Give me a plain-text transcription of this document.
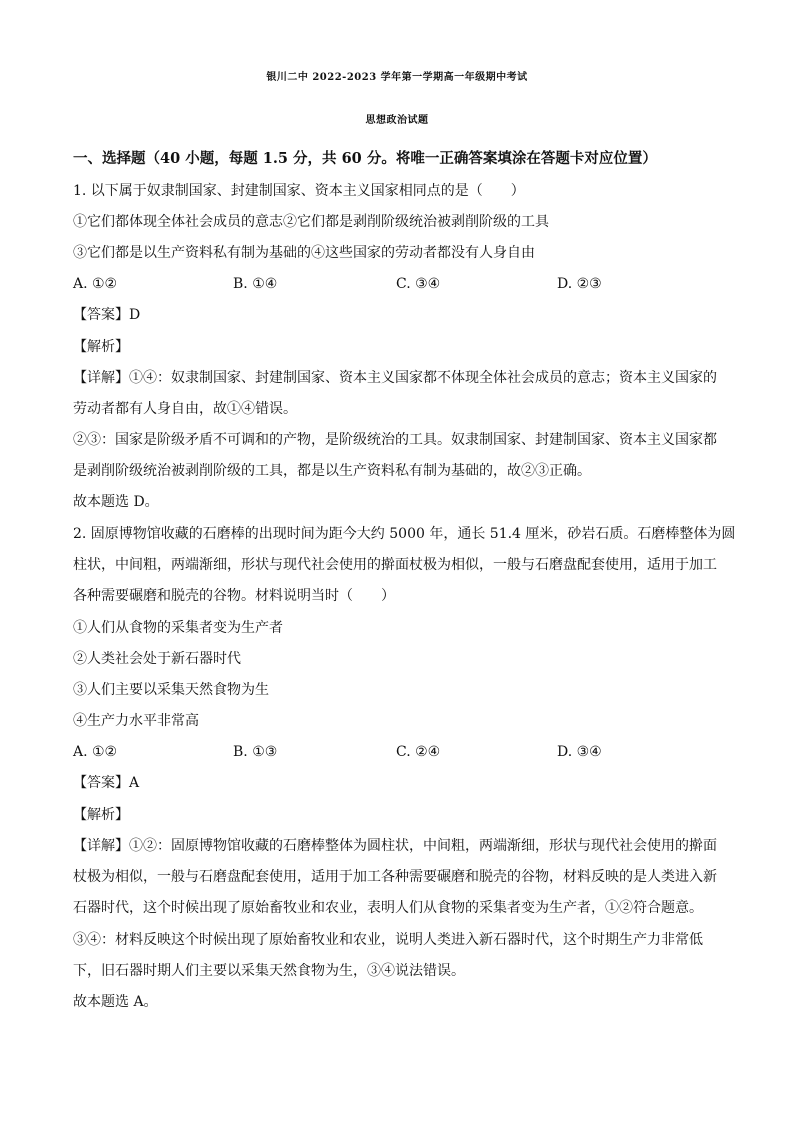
银川二中 2022-2023 学年第一学期高一年级期中考试
思想政治试题
一、选择题（40 小题，每题 1.5 分，共 60 分。将唯一正确答案填涂在答题卡对应位置）
1. 以下属于奴隶制国家、封建制国家、资本主义国家相同点的是（　　）
①它们都体现全体社会成员的意志②它们都是剥削阶级统治被剥削阶级的工具
③它们都是以生产资料私有制为基础的④这些国家的劳动者都没有人身自由
A. ①②	B. ①④	C. ③④	D. ②③
【答案】D
【解析】
【详解】①④：奴隶制国家、封建制国家、资本主义国家都不体现全体社会成员的意志；资本主义国家的
劳动者都有人身自由，故①④错误。
②③：国家是阶级矛盾不可调和的产物，是阶级统治的工具。奴隶制国家、封建制国家、资本主义国家都
是剥削阶级统治被剥削阶级的工具，都是以生产资料私有制为基础的，故②③正确。
故本题选 D。
2. 固原博物馆收藏的石磨棒的出现时间为距今大约 5000 年，通长 51.4 厘米，砂岩石质。石磨棒整体为圆
柱状，中间粗，两端渐细，形状与现代社会使用的擀面杖极为相似，一般与石磨盘配套使用，适用于加工
各种需要碾磨和脱壳的谷物。材料说明当时（　　）
①人们从食物的采集者变为生产者
②人类社会处于新石器时代
③人们主要以采集天然食物为生
④生产力水平非常高
A. ①②	B. ①③	C. ②④	D. ③④
【答案】A
【解析】
【详解】①②：固原博物馆收藏的石磨棒整体为圆柱状，中间粗，两端渐细，形状与现代社会使用的擀面
杖极为相似，一般与石磨盘配套使用，适用于加工各种需要碾磨和脱壳的谷物，材料反映的是人类进入新
石器时代，这个时候出现了原始畜牧业和农业，表明人们从食物的采集者变为生产者，①②符合题意。
③④：材料反映这个时候出现了原始畜牧业和农业，说明人类进入新石器时代，这个时期生产力非常低
下，旧石器时期人们主要以采集天然食物为生，③④说法错误。
故本题选 A。
